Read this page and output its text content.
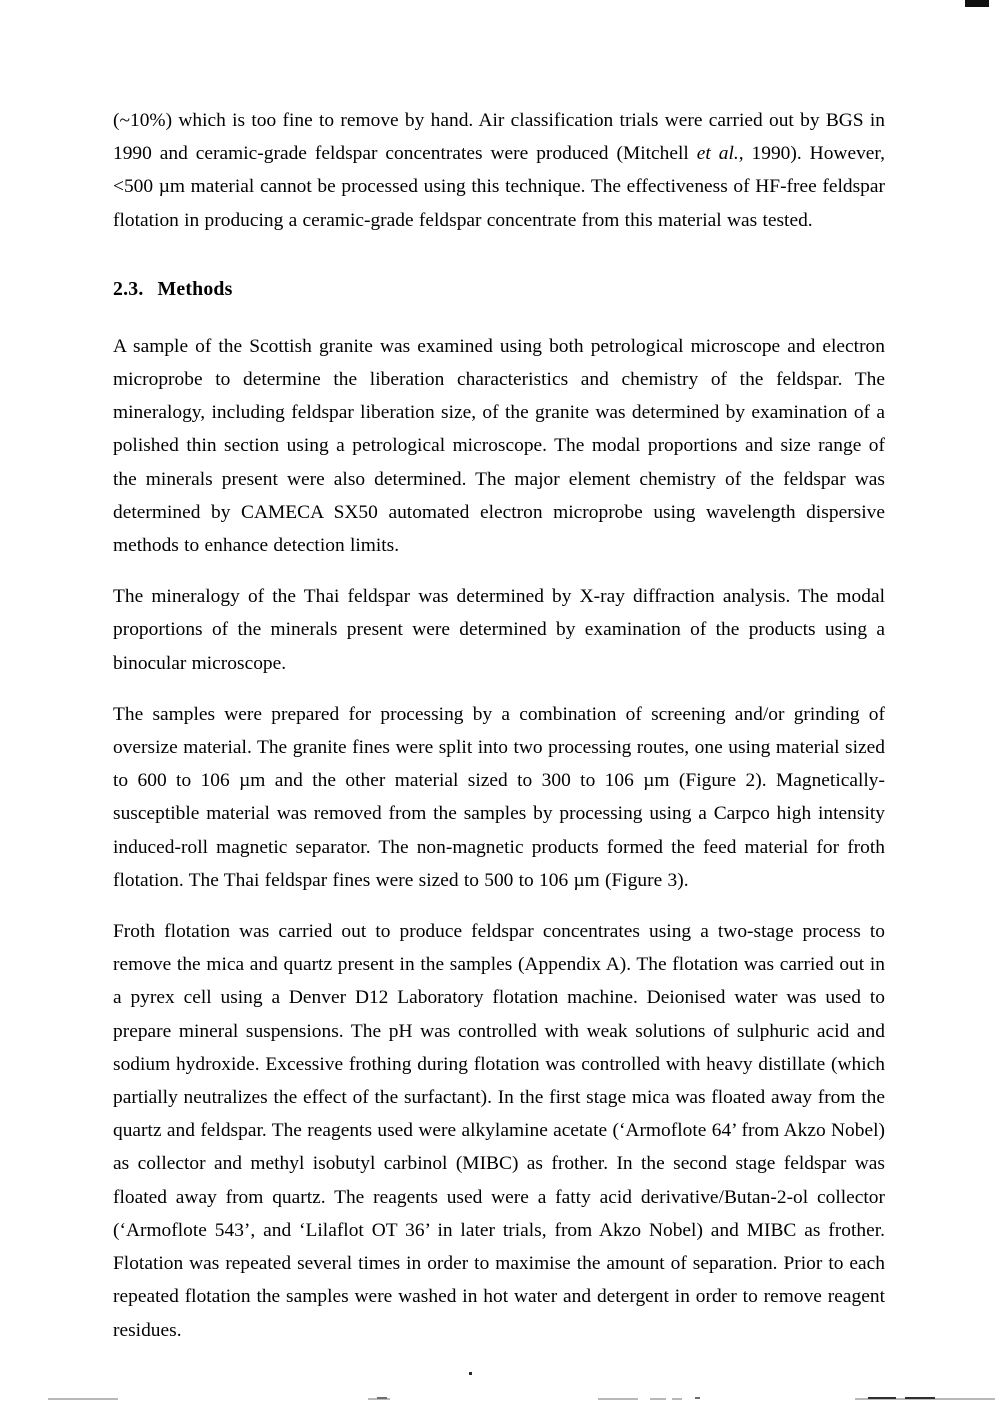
(~10%) which is too fine to remove by hand. Air classification trials were carried out by BGS in 1990 and ceramic-grade feldspar concentrates were produced (Mitchell et al., 1990). However, <500 µm material cannot be processed using this technique. The effectiveness of HF-free feldspar flotation in producing a ceramic-grade feldspar concentrate from this material was tested.

2.3. Methods

A sample of the Scottish granite was examined using both petrological microscope and electron microprobe to determine the liberation characteristics and chemistry of the feldspar. The mineralogy, including feldspar liberation size, of the granite was determined by examination of a polished thin section using a petrological microscope. The modal proportions and size range of the minerals present were also determined. The major element chemistry of the feldspar was determined by CAMECA SX50 automated electron microprobe using wavelength dispersive methods to enhance detection limits.

The mineralogy of the Thai feldspar was determined by X-ray diffraction analysis. The modal proportions of the minerals present were determined by examination of the products using a binocular microscope.

The samples were prepared for processing by a combination of screening and/or grinding of oversize material. The granite fines were split into two processing routes, one using material sized to 600 to 106 µm and the other material sized to 300 to 106 µm (Figure 2). Magnetically-susceptible material was removed from the samples by processing using a Carpco high intensity induced-roll magnetic separator. The non-magnetic products formed the feed material for froth flotation. The Thai feldspar fines were sized to 500 to 106 µm (Figure 3).

Froth flotation was carried out to produce feldspar concentrates using a two-stage process to remove the mica and quartz present in the samples (Appendix A). The flotation was carried out in a pyrex cell using a Denver D12 Laboratory flotation machine. Deionised water was used to prepare mineral suspensions. The pH was controlled with weak solutions of sulphuric acid and sodium hydroxide. Excessive frothing during flotation was controlled with heavy distillate (which partially neutralizes the effect of the surfactant). In the first stage mica was floated away from the quartz and feldspar. The reagents used were alkylamine acetate (‘Armoflote 64’ from Akzo Nobel) as collector and methyl isobutyl carbinol (MIBC) as frother. In the second stage feldspar was floated away from quartz. The reagents used were a fatty acid derivative/Butan-2-ol collector (‘Armoflote 543’, and ‘Lilaflot OT 36’ in later trials, from Akzo Nobel) and MIBC as frother. Flotation was repeated several times in order to maximise the amount of separation. Prior to each repeated flotation the samples were washed in hot water and detergent in order to remove reagent residues.
